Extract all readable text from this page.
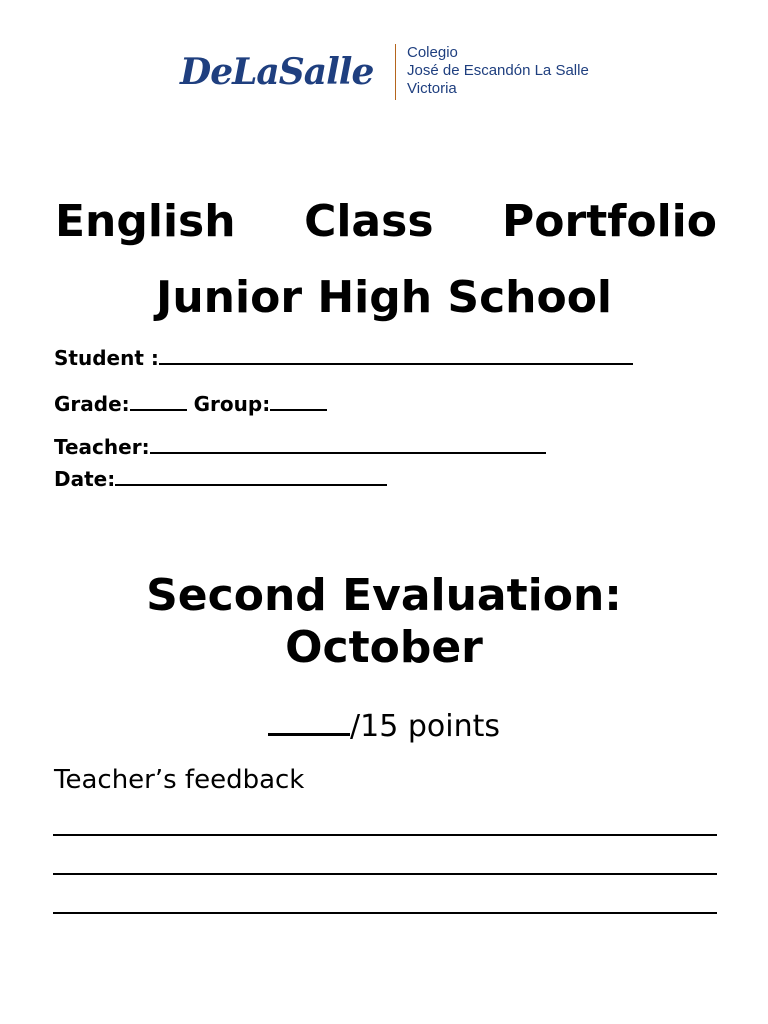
DeLaSalle Colegio
José de Escandón La Salle
Victoria
English Class Portfolio
Junior High School
Student :
Grade:	Group:
Teacher:
Date:
Second Evaluation:
October
/15 points
Teacher’s feedback
